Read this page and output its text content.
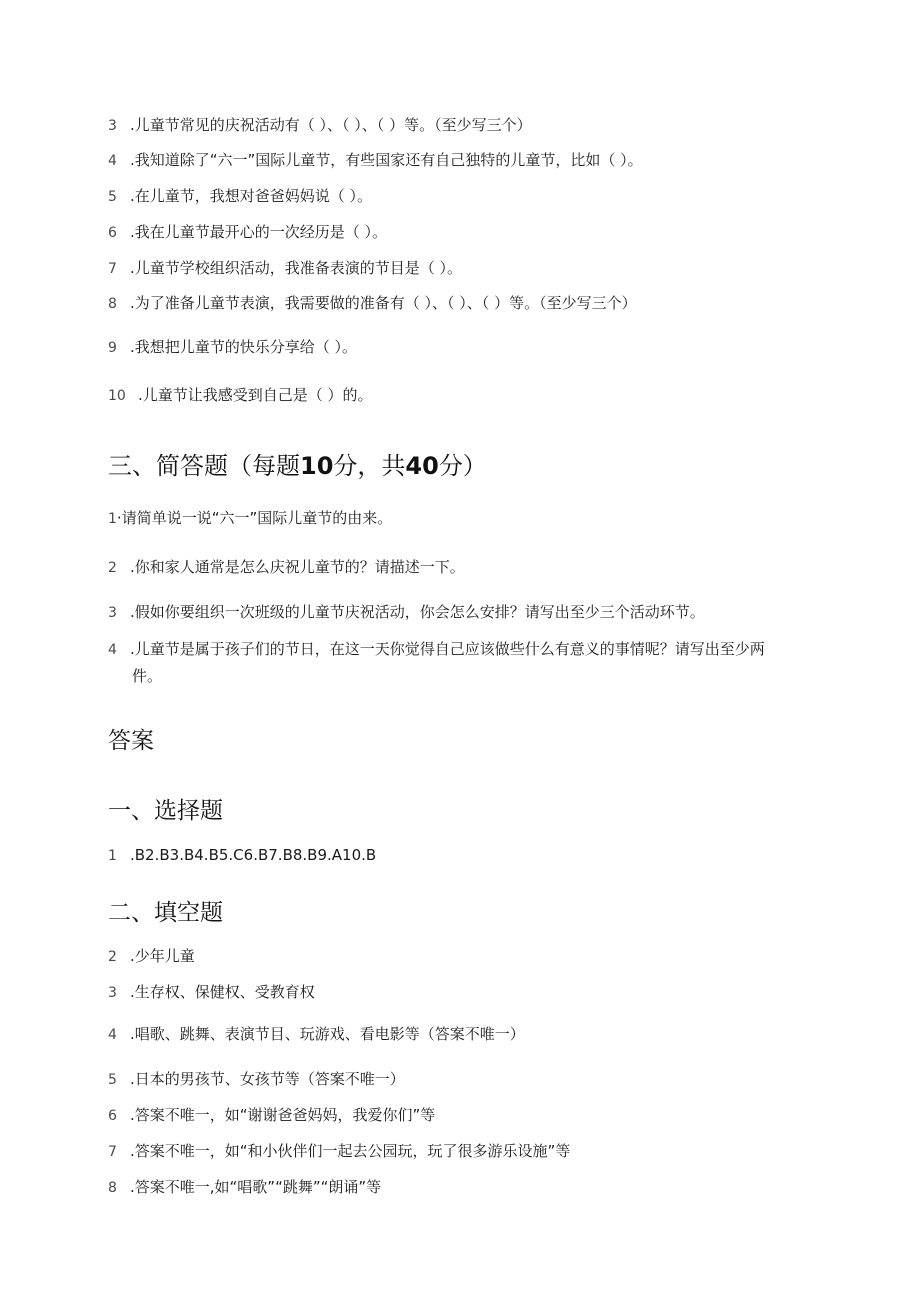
3 .儿童节常见的庆祝活动有（ ）、（ ）、（ ）等。（至少写三个）
4 .我知道除了“六一”国际儿童节，有些国家还有自己独特的儿童节，比如（ ）。
5 .在儿童节，我想对爸爸妈妈说（ ）。
6 .我在儿童节最开心的一次经历是（ ）。
7 .儿童节学校组织活动，我准备表演的节目是（ ）。
8 .为了准备儿童节表演，我需要做的准备有（ ）、（ ）、（ ）等。（至少写三个）
9 .我想把儿童节的快乐分享给（ ）。
10 .儿童节让我感受到自己是（ ）的。
三、简答题（每题10分，共40分）
1·请简单说一说“六一”国际儿童节的由来。
2 .你和家人通常是怎么庆祝儿童节的？请描述一下。
3 .假如你要组织一次班级的儿童节庆祝活动，你会怎么安排？请写出至少三个活动环节。
4 .儿童节是属于孩子们的节日，在这一天你觉得自己应该做些什么有意义的事情呢？请写出至少两
件。
答案
一、选择题
1 .B2.B3.B4.B5.C6.B7.B8.B9.A10.B
二、填空题
2 .少年儿童
3 .生存权、保健权、受教育权
4 .唱歌、跳舞、表演节目、玩游戏、看电影等（答案不唯一）
5 .日本的男孩节、女孩节等（答案不唯一）
6 .答案不唯一，如“谢谢爸爸妈妈，我爱你们”等
7 .答案不唯一，如“和小伙伴们一起去公园玩，玩了很多游乐设施”等
8 .答案不唯一,如“唱歌”“跳舞”“朗诵”等
